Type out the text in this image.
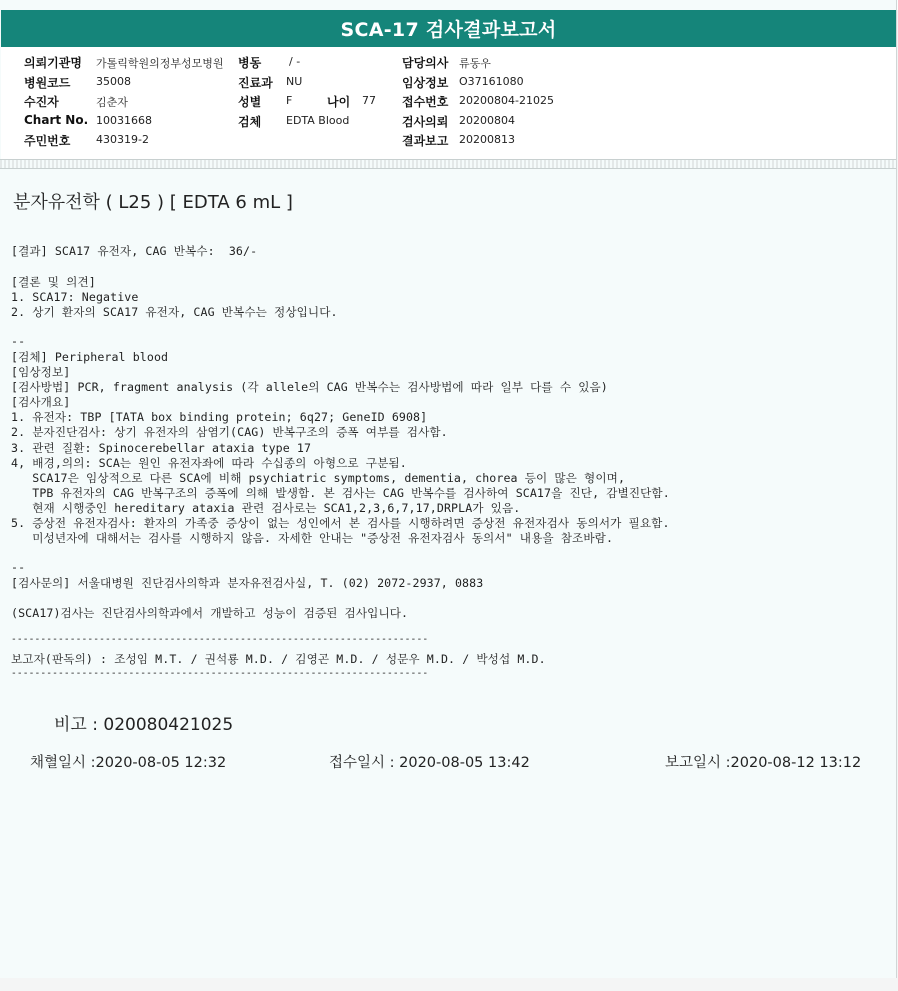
SCA-17 검사결과보고서
의뢰기관명 가톨릭학원의정부성모병원 병동	/ -	담당의사 류동우
병원코드 35008	진료과 NU	임상정보 O37161080
수진자	김춘자	성별 F	나이 77 접수번호 20200804-21025
Chart No. 10031668	검체 EDTA Blood	검사의뢰 20200804
주민번호 430319-2	결과보고 20200813
분자유전학 ( L25 ) [ EDTA 6 mL ]
[결과] SCA17 유전자, CAG 반복수:  36/-
[결론 및 의견]
1. SCA17: Negative
2. 상기 환자의 SCA17 유전자, CAG 반복수는 정상입니다.
--
[검체] Peripheral blood
[임상정보]
[검사방법] PCR, fragment analysis (각 allele의 CAG 반복수는 검사방법에 따라 일부 다를 수 있음)
[검사개요]
1. 유전자: TBP [TATA box binding protein; 6q27; GeneID 6908]
2. 분자진단검사: 상기 유전자의 삼염기(CAG) 반복구조의 증폭 여부를 검사함.
3. 관련 질환: Spinocerebellar ataxia type 17
4, 배경,의의: SCA는 원인 유전자좌에 따라 수십종의 아형으로 구분됨.
SCA17은 임상적으로 다른 SCA에 비해 psychiatric symptoms, dementia, chorea 등이 많은 형이며,
TPB 유전자의 CAG 반복구조의 증폭에 의해 발생함. 본 검사는 CAG 반복수를 검사하여 SCA17을 진단, 감별진단함.
현재 시행중인 hereditary ataxia 관련 검사로는 SCA1,2,3,6,7,17,DRPLA가 있음.
5. 증상전 유전자검사: 환자의 가족중 증상이 없는 성인에서 본 검사를 시행하려면 증상전 유전자검사 동의서가 필요함.
미성년자에 대해서는 검사를 시행하지 않음. 자세한 안내는 "증상전 유전자검사 동의서" 내용을 참조바람.
--
[검사문의] 서울대병원 진단검사의학과 분자유전검사실, T. (02) 2072-2937, 0883
(SCA17)검사는 진단검사의학과에서 개발하고 성능이 검증된 검사입니다.
-----------------------------------------------------------------------
보고자(판독의) : 조성임 M.T. / 권석룡 M.D. / 김영곤 M.D. / 성문우 M.D. / 박성섭 M.D.
-----------------------------------------------------------------------
비고 : 020080421025
채혈일시 :2020-08-05 12:32	접수일시 : 2020-08-05 13:42	보고일시 :2020-08-12 13:12
